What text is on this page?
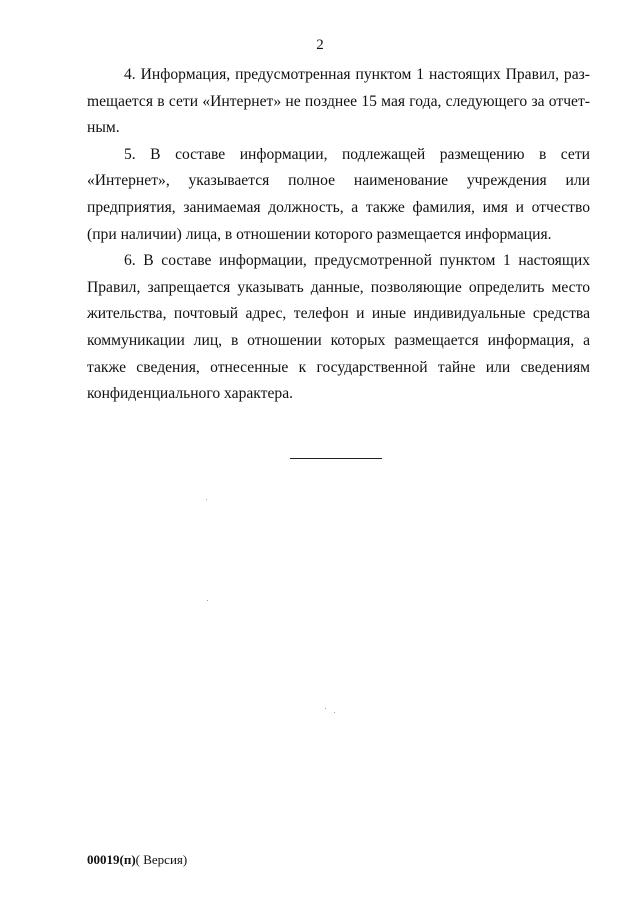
2

4. Информация, предусмотренная пунктом 1 настоящих Правил, разmещается в сети «Интернет» не позднее 15 мая года, следующего за отчетным.

5. В составе информации, подлежащей размещению в сети «Интернет», указывается полное наименование учреждения или предприятия, занимаемая должность, а также фамилия, имя и отчество (при наличии) лица, в отношении которого размещается информация.

6. В составе информации, предусмотренной пунктом 1 настоящих Правил, запрещается указывать данные, позволяющие определить место жительства, почтовый адрес, телефон и иные индивидуальные средства коммуникации лиц, в отношении которых размещается информация, а также сведения, отнесенные к государственной тайне или сведениям конфиденциального характера.

00019(п)( Версия)
